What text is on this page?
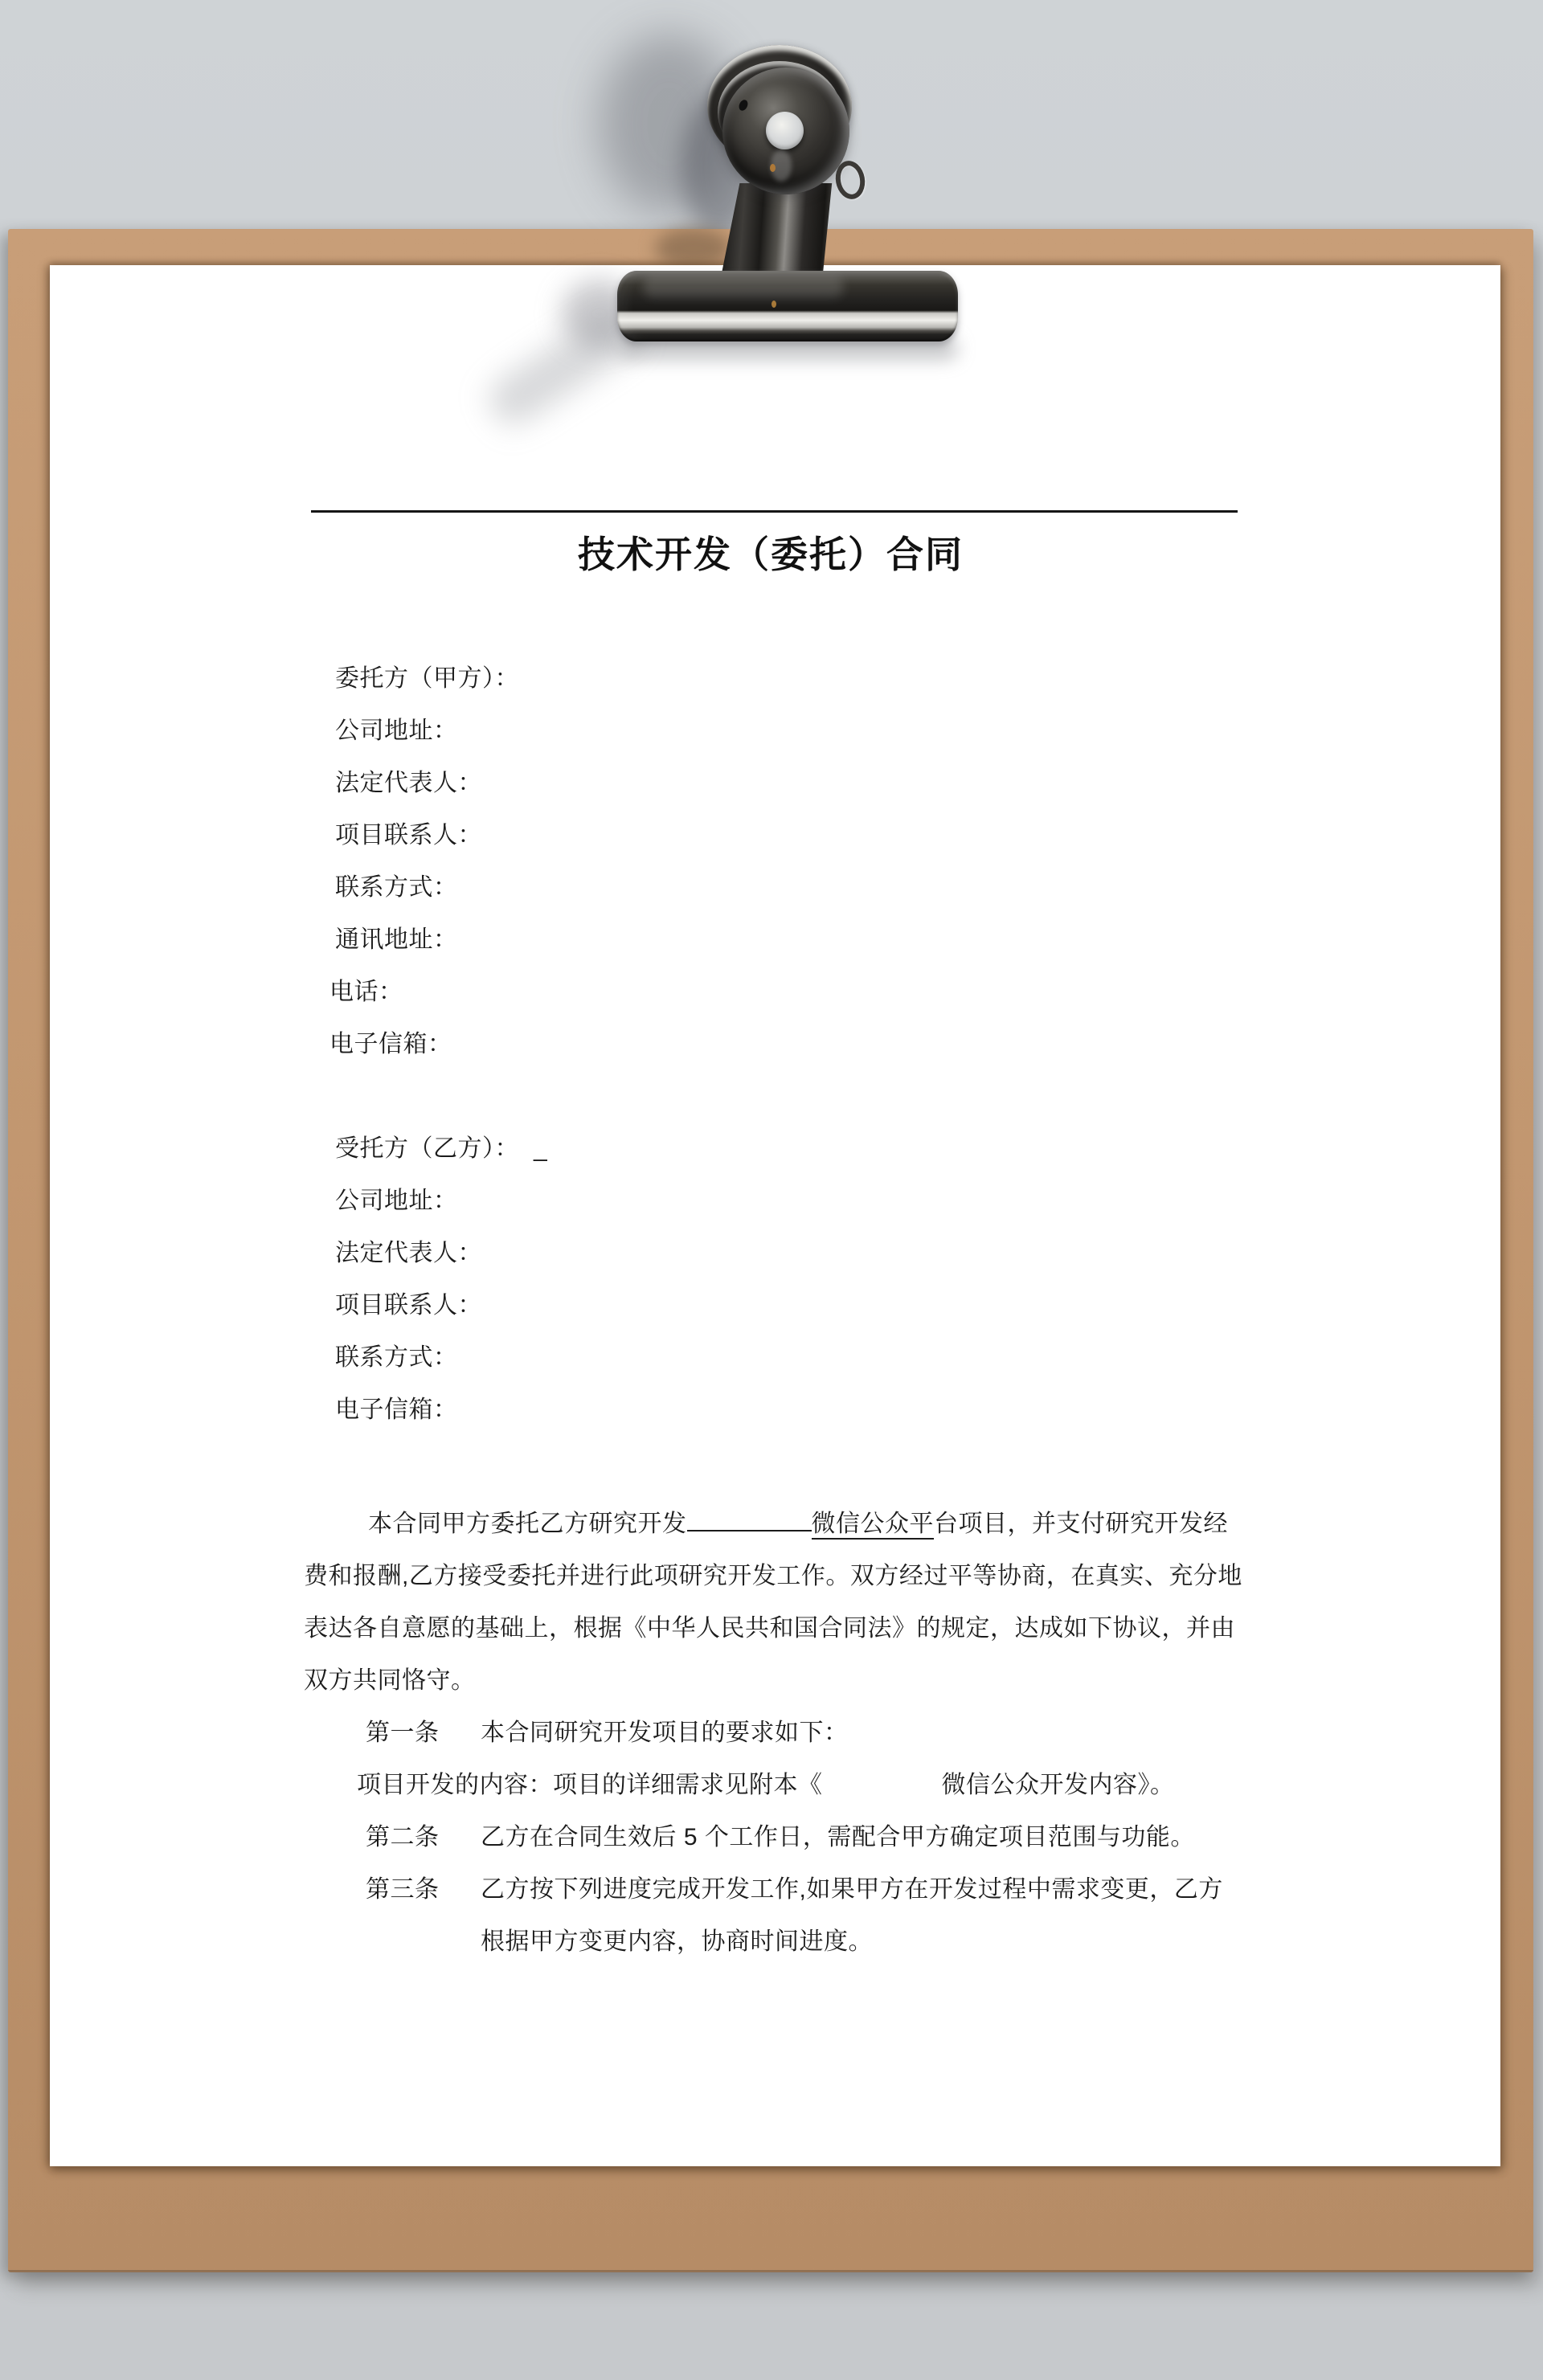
技术开发（委托）合同
委托方（甲方）：
公司地址：
法定代表人：
项目联系人：
联系方式：
通讯地址：
电话：
电子信箱：
受托方（乙方）： _
公司地址：
法定代表人：
项目联系人：
联系方式：
电子信箱：
本合同甲方委托乙方研究开发	微信公众平台项目，并支付研究开发经
费和报酬,乙方接受委托并进行此项研究开发工作。双方经过平等协商，在真实、充分地
表达各自意愿的基础上，根据《中华人民共和国合同法》的规定，达成如下协议，并由
双方共同恪守。
第一条 本合同研究开发项目的要求如下：
项目开发的内容：项目的详细需求见附本《	微信公众开发内容》。
第二条 乙方在合同生效后 5 个工作日，需配合甲方确定项目范围与功能。
第三条 乙方按下列进度完成开发工作,如果甲方在开发过程中需求变更，乙方
根据甲方变更内容，协商时间进度。
